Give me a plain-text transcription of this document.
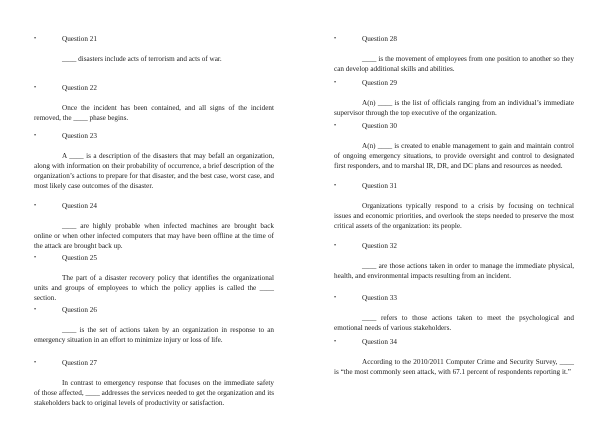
•	Question 21
____ disasters include acts of terrorism and acts of war.
•	Question 22
Once the incident has been contained, and all signs of the incident removed, the ____ phase begins.
•	Question 23
A ____ is a description of the disasters that may befall an organization, along with information on their probability of occurrence, a brief description of the organization’s actions to prepare for that disaster, and the best case, worst case, and most likely case outcomes of the disaster.
•	Question 24
____ are highly probable when infected machines are brought back online or when other infected computers that may have been offline at the time of the attack are brought back up.
•	Question 25
The part of a disaster recovery policy that identifies the organizational units and groups of employees to which the policy applies is called the ____ section.
•	Question 26
____ is the set of actions taken by an organization in response to an emergency situation in an effort to minimize injury or loss of life.
•	Question 27
In contrast to emergency response that focuses on the immediate safety of those affected, ____ addresses the services needed to get the organization and its stakeholders back to original levels of productivity or satisfaction.
•	Question 28
____ is the movement of employees from one position to another so they can develop additional skills and abilities.
•	Question 29
A(n) ____ is the list of officials ranging from an individual’s immediate supervisor through the top executive of the organization.
•	Question 30
A(n) ____ is created to enable management to gain and maintain control of ongoing emergency situations, to provide oversight and control to designated first responders, and to marshal IR, DR, and DC plans and resources as needed.
•	Question 31
Organizations typically respond to a crisis by focusing on technical issues and economic priorities, and overlook the steps needed to preserve the most critical assets of the organization: its people.
•	Question 32
____ are those actions taken in order to manage the immediate physical, health, and environmental impacts resulting from an incident.
•	Question 33
____ refers to those actions taken to meet the psychological and emotional needs of various stakeholders.
•	Question 34
According to the 2010/2011 Computer Crime and Security Survey, ____ is “the most commonly seen attack, with 67.1 percent of respondents reporting it.”
